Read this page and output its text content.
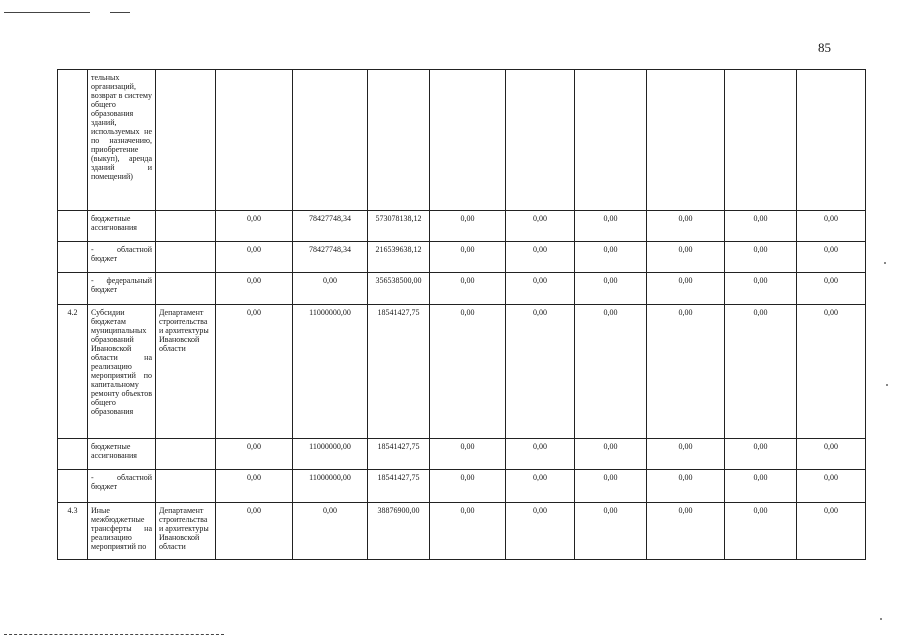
85
	тельных организаций, возврат в систему общего образования зданий, используемых не по назначению, приобретение (выкуп), аренда зданий и помещений)										
	бюджетные ассигнования		0,00	78427748,34	573078138,12	0,00	0,00	0,00	0,00	0,00	0,00
	- областной бюджет		0,00	78427748,34	216539638,12	0,00	0,00	0,00	0,00	0,00	0,00
	- федеральный бюджет		0,00	0,00	356538500,00	0,00	0,00	0,00	0,00	0,00	0,00
4.2	Субсидии бюджетам муниципальных образований Ивановской области на реализацию мероприятий по капитальному ремонту объектов общего образования	Департамент строительства и архитектуры Ивановской области	0,00	11000000,00	18541427,75	0,00	0,00	0,00	0,00	0,00	0,00
	бюджетные ассигнования		0,00	11000000,00	18541427,75	0,00	0,00	0,00	0,00	0,00	0,00
	- областной бюджет		0,00	11000000,00	18541427,75	0,00	0,00	0,00	0,00	0,00	0,00
4.3	Иные межбюджетные трансферты на реализацию мероприятий по	Департамент строительства и архитектуры Ивановской области	0,00	0,00	38876900,00	0,00	0,00	0,00	0,00	0,00	0,00
